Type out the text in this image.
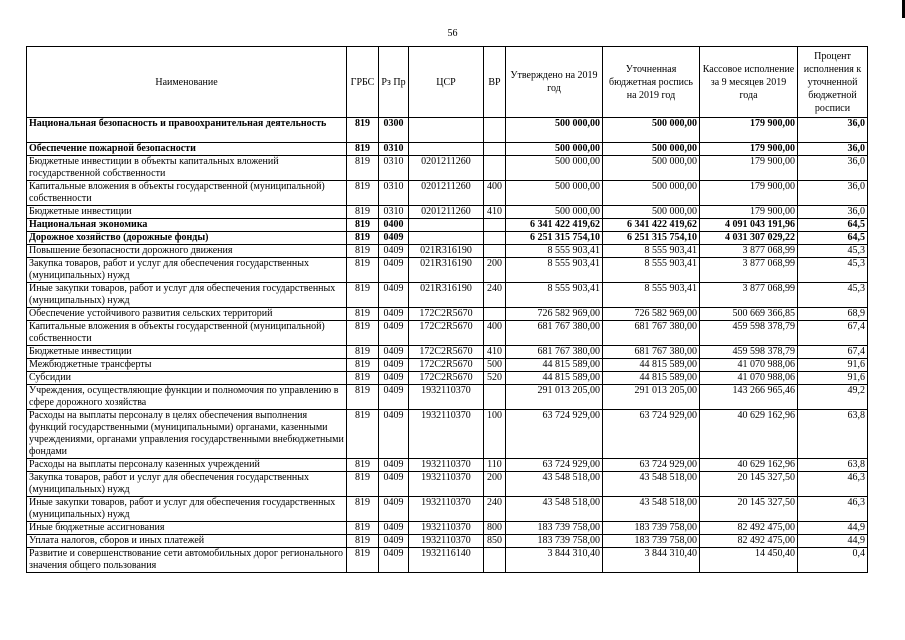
56
Наименование	ГРБС	Рз Пр	ЦСР	ВР	Утверждено на 2019 год	Уточненная бюджетная роспись на 2019 год	Кассовое исполнение за 9 месяцев 2019 года	Процент исполнения к уточненной бюджетной росписи
Национальная безопасность и правоохранительная деятельность	819	0300			500 000,00	500 000,00	179 900,00	36,0
Обеспечение пожарной безопасности	819	0310			500 000,00	500 000,00	179 900,00	36,0
Бюджетные инвестиции в объекты капитальных вложений государственной собственности	819	0310	0201211260		500 000,00	500 000,00	179 900,00	36,0
Капитальные вложения в объекты государственной (муниципальной) собственности	819	0310	0201211260	400	500 000,00	500 000,00	179 900,00	36,0
Бюджетные инвестиции	819	0310	0201211260	410	500 000,00	500 000,00	179 900,00	36,0
Национальная экономика	819	0400			6 341 422 419,62	6 341 422 419,62	4 091 043 191,96	64,5
Дорожное хозяйство (дорожные фонды)	819	0409			6 251 315 754,10	6 251 315 754,10	4 031 307 029,22	64,5
Повышение безопасности дорожного движения	819	0409	021R316190		8 555 903,41	8 555 903,41	3 877 068,99	45,3
Закупка товаров, работ и услуг для обеспечения государственных (муниципальных) нужд	819	0409	021R316190	200	8 555 903,41	8 555 903,41	3 877 068,99	45,3
Иные закупки товаров, работ и услуг для обеспечения государственных (муниципальных) нужд	819	0409	021R316190	240	8 555 903,41	8 555 903,41	3 877 068,99	45,3
Обеспечение устойчивого развития сельских территорий	819	0409	172C2R5670		726 582 969,00	726 582 969,00	500 669 366,85	68,9
Капитальные вложения в объекты государственной (муниципальной) собственности	819	0409	172C2R5670	400	681 767 380,00	681 767 380,00	459 598 378,79	67,4
Бюджетные инвестиции	819	0409	172C2R5670	410	681 767 380,00	681 767 380,00	459 598 378,79	67,4
Межбюджетные трансферты	819	0409	172C2R5670	500	44 815 589,00	44 815 589,00	41 070 988,06	91,6
Субсидии	819	0409	172C2R5670	520	44 815 589,00	44 815 589,00	41 070 988,06	91,6
Учреждения, осуществляющие функции и полномочия по управлению в сфере дорожного хозяйства	819	0409	1932110370		291 013 205,00	291 013 205,00	143 266 965,46	49,2
Расходы на выплаты персоналу в целях обеспечения выполнения функций государственными (муниципальными) органами, казенными учреждениями, органами управления государственными внебюджетными фондами	819	0409	1932110370	100	63 724 929,00	63 724 929,00	40 629 162,96	63,8
Расходы на выплаты персоналу казенных учреждений	819	0409	1932110370	110	63 724 929,00	63 724 929,00	40 629 162,96	63,8
Закупка товаров, работ и услуг для обеспечения государственных (муниципальных) нужд	819	0409	1932110370	200	43 548 518,00	43 548 518,00	20 145 327,50	46,3
Иные закупки товаров, работ и услуг для обеспечения государственных (муниципальных) нужд	819	0409	1932110370	240	43 548 518,00	43 548 518,00	20 145 327,50	46,3
Иные бюджетные ассигнования	819	0409	1932110370	800	183 739 758,00	183 739 758,00	82 492 475,00	44,9
Уплата налогов, сборов и иных платежей	819	0409	1932110370	850	183 739 758,00	183 739 758,00	82 492 475,00	44,9
Развитие и совершенствование сети автомобильных дорог регионального значения общего пользования	819	0409	1932116140		3 844 310,40	3 844 310,40	14 450,40	0,4
